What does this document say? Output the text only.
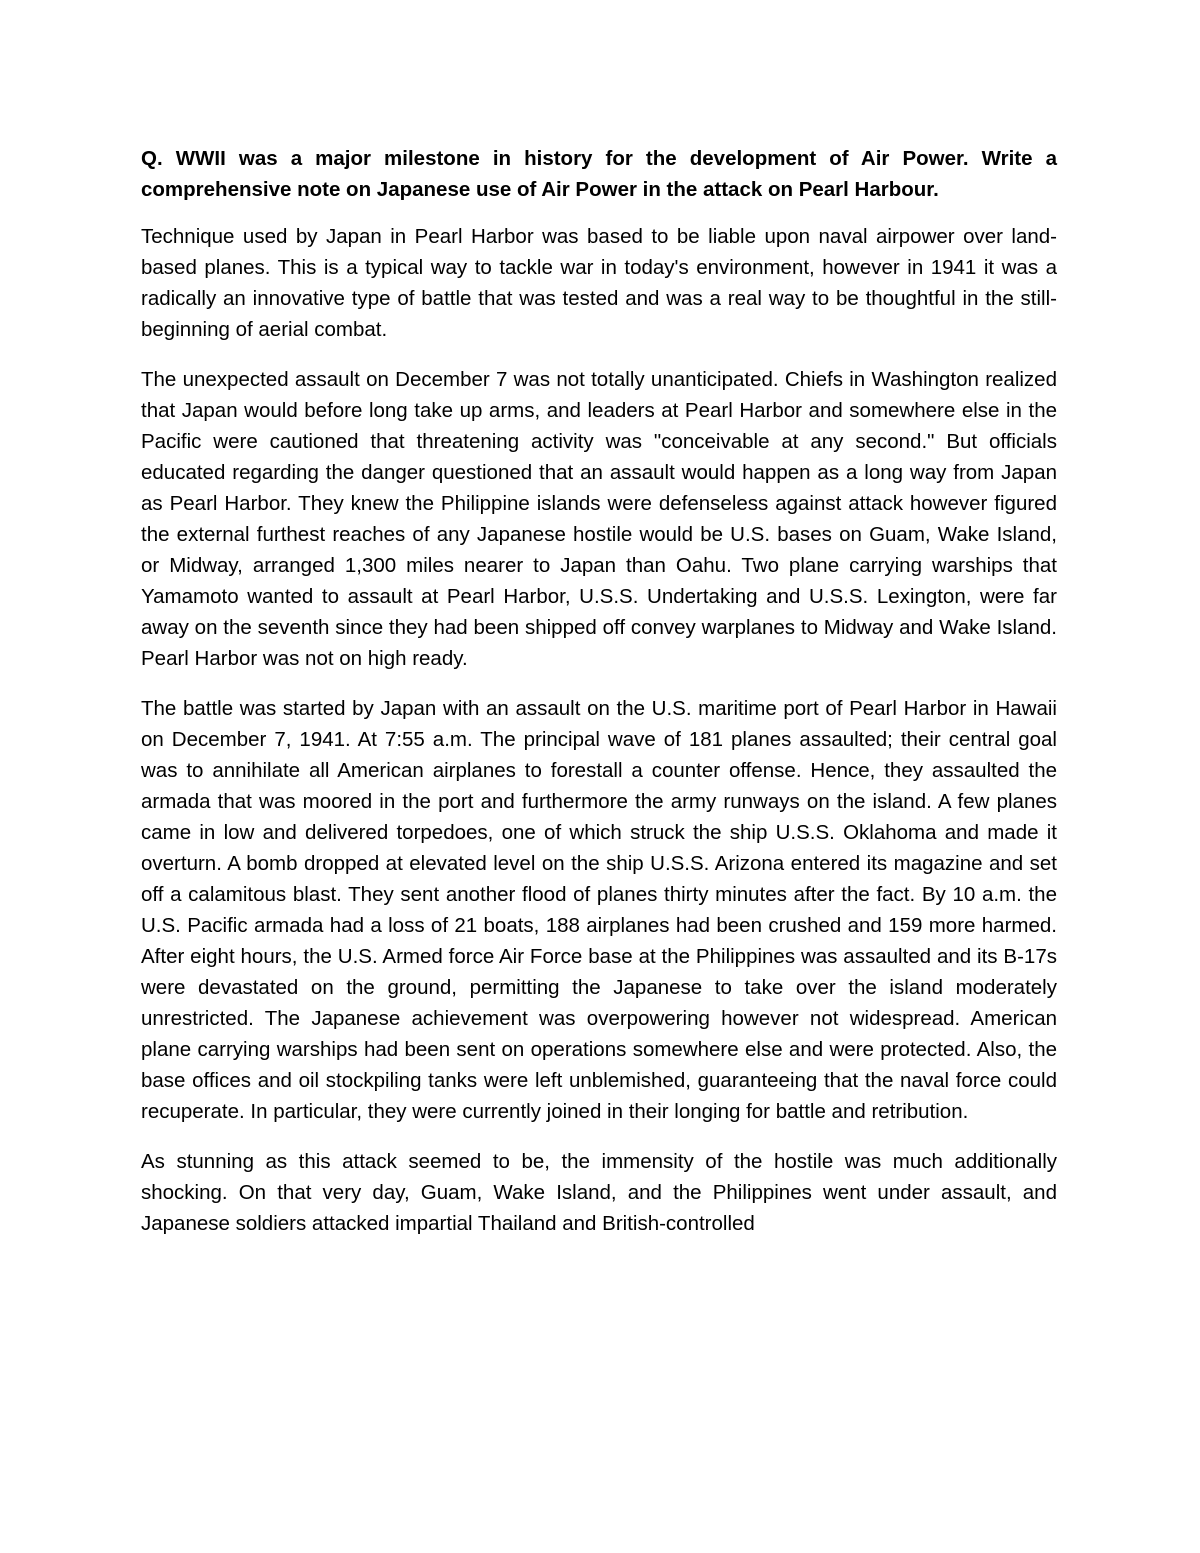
Q. WWII was a major milestone in history for the development of Air Power. Write a comprehensive note on Japanese use of Air Power in the attack on Pearl Harbour.

Technique used by Japan in Pearl Harbor was based to be liable upon naval airpower over land-based planes. This is a typical way to tackle war in today's environment, however in 1941 it was a radically an innovative type of battle that was tested and was a real way to be thoughtful in the still-beginning of aerial combat.

The unexpected assault on December 7 was not totally unanticipated. Chiefs in Washington realized that Japan would before long take up arms, and leaders at Pearl Harbor and somewhere else in the Pacific were cautioned that threatening activity was "conceivable at any second." But officials educated regarding the danger questioned that an assault would happen as a long way from Japan as Pearl Harbor. They knew the Philippine islands were defenseless against attack however figured the external furthest reaches of any Japanese hostile would be U.S. bases on Guam, Wake Island, or Midway, arranged 1,300 miles nearer to Japan than Oahu. Two plane carrying warships that Yamamoto wanted to assault at Pearl Harbor, U.S.S. Undertaking and U.S.S. Lexington, were far away on the seventh since they had been shipped off convey warplanes to Midway and Wake Island. Pearl Harbor was not on high ready.

The battle was started by Japan with an assault on the U.S. maritime port of Pearl Harbor in Hawaii on December 7, 1941. At 7:55 a.m. The principal wave of 181 planes assaulted; their central goal was to annihilate all American airplanes to forestall a counter offense. Hence, they assaulted the armada that was moored in the port and furthermore the army runways on the island. A few planes came in low and delivered torpedoes, one of which struck the ship U.S.S. Oklahoma and made it overturn. A bomb dropped at elevated level on the ship U.S.S. Arizona entered its magazine and set off a calamitous blast. They sent another flood of planes thirty minutes after the fact. By 10 a.m. the U.S. Pacific armada had a loss of 21 boats, 188 airplanes had been crushed and 159 more harmed. After eight hours, the U.S. Armed force Air Force base at the Philippines was assaulted and its B-17s were devastated on the ground, permitting the Japanese to take over the island moderately unrestricted. The Japanese achievement was overpowering however not widespread. American plane carrying warships had been sent on operations somewhere else and were protected. Also, the base offices and oil stockpiling tanks were left unblemished, guaranteeing that the naval force could recuperate. In particular, they were currently joined in their longing for battle and retribution.

As stunning as this attack seemed to be, the immensity of the hostile was much additionally shocking. On that very day, Guam, Wake Island, and the Philippines went under assault, and Japanese soldiers attacked impartial Thailand and British-controlled
